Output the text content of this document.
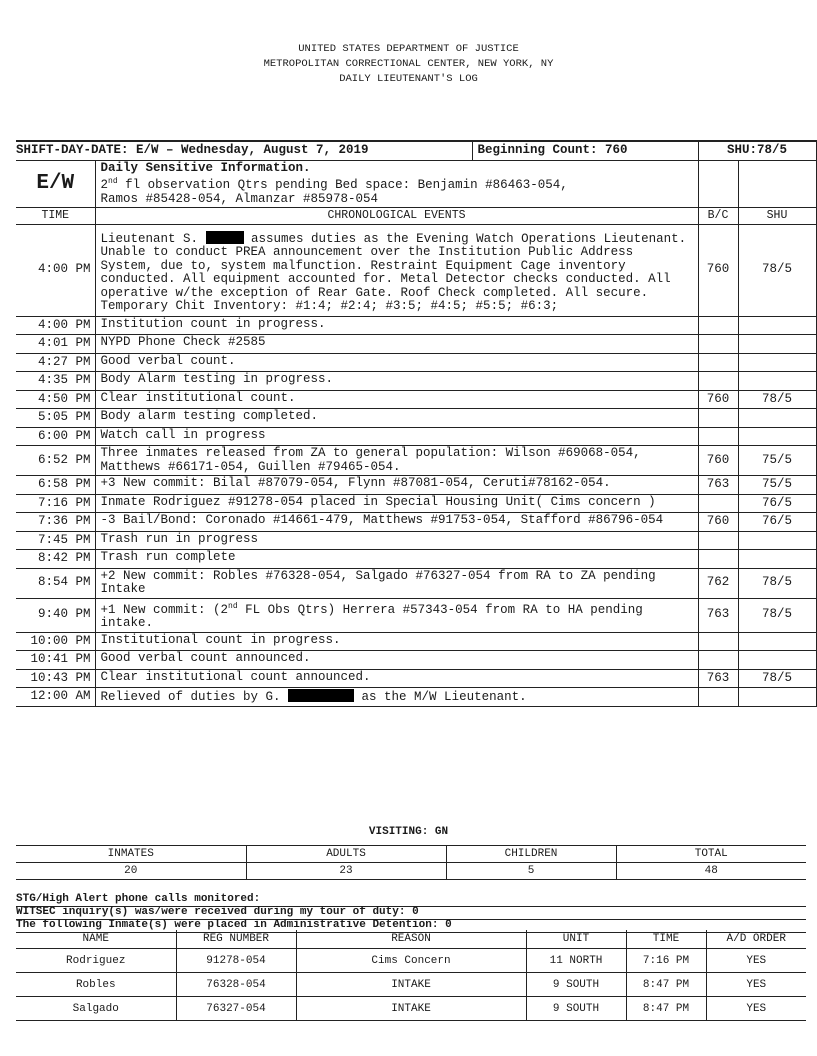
UNITED STATES DEPARTMENT OF JUSTICE
METROPOLITAN CORRECTIONAL CENTER, NEW YORK, NY
DAILY LIEUTENANT'S LOG
SHIFT-DAY-DATE: E/W – Wednesday, August 7, 2019		Beginning Count: 760	SHU:78/5	
E/W	Daily Sensitive Information.
2nd fl observation Qtrs pending Bed space: Benjamin #86463-054,
Ramos #85428-054, Almanzar #85978-054			

TIME	CHRONOLOGICAL EVENTS		B/C	SHU
4:00 PM	Lieutenant S. assumes duties as the Evening Watch Operations Lieutenant. Unable to conduct PREA announcement over the Institution Public Address System, due to, system malfunction. Restraint Equipment Cage inventory conducted. All equipment accounted for. Metal Detector checks conducted. All operative w/the exception of Rear Gate. Roof Check completed. All secure. Temporary Chit Inventory: #1:4; #2:4; #3:5; #4:5; #5:5; #6:3;		760	78/5
4:00 PM	Institution count in progress.			
4:01 PM	NYPD Phone Check #2585			
4:27 PM	Good verbal count.			
4:35 PM	Body Alarm testing in progress.			
4:50 PM	Clear institutional count.		760	78/5
5:05 PM	Body alarm testing completed.			
6:00 PM	Watch call in progress			
6:52 PM	Three inmates released from ZA to general population: Wilson #69068-054, Matthews #66171-054, Guillen #79465-054.		760	75/5
6:58 PM	+3 New commit: Bilal #87079-054, Flynn #87081-054, Ceruti#78162-054.		763	75/5
7:16 PM	Inmate Rodriguez #91278-054 placed in Special Housing Unit( Cims concern )			76/5
7:36 PM	-3 Bail/Bond: Coronado #14661-479, Matthews #91753-054, Stafford #86796-054		760	76/5
7:45 PM	Trash run in progress			
8:42 PM	Trash run complete			
8:54 PM	+2 New commit: Robles #76328-054, Salgado #76327-054 from RA to ZA pending Intake		762	78/5
9:40 PM	+1 New commit: (2nd FL Obs Qtrs) Herrera #57343-054 from RA to HA pending intake.		763	78/5
10:00 PM	Institutional count in progress.			
10:41 PM	Good verbal count announced.			
10:43 PM	Clear institutional count announced.		763	78/5
12:00 AM	Relieved of duties by G. as the M/W Lieutenant.			
VISITING: GN
INMATES	ADULTS	CHILDREN	TOTAL
20	23	5	48
STG/High Alert phone calls monitored:
WITSEC inquiry(s) was/were received during my tour of duty: 0
The following Inmate(s) were placed in Administrative Detention: 0
NAME	REG NUMBER	REASON	UNIT	TIME	A/D ORDER
Rodriguez	91278-054	Cims Concern	11 NORTH	7:16 PM	YES
Robles	76328-054	INTAKE	9 SOUTH	8:47 PM	YES
Salgado	76327-054	INTAKE	9 SOUTH	8:47 PM	YES
